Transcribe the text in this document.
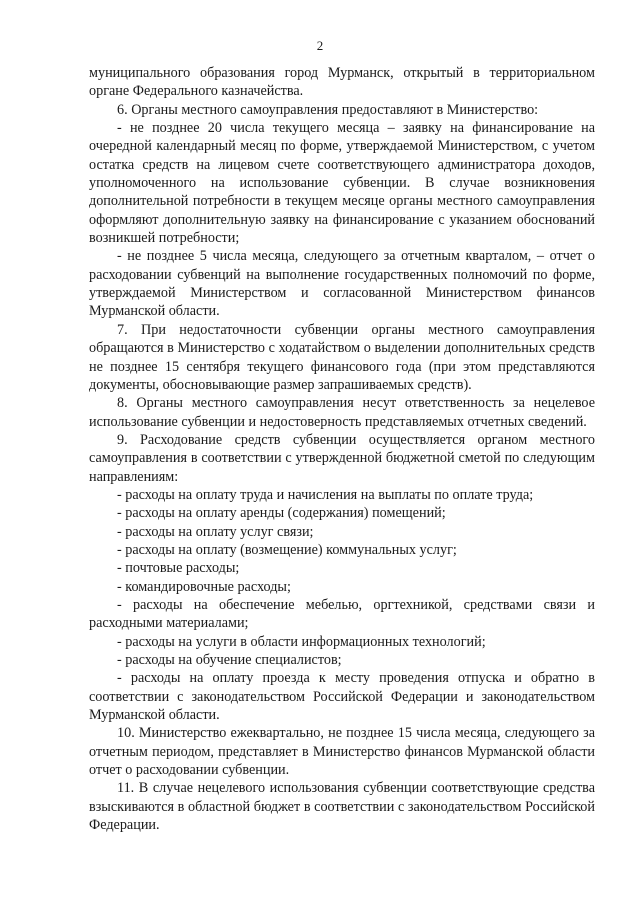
2

муниципального образования город Мурманск, открытый в территориальном органе Федерального казначейства.

6. Органы местного самоуправления предоставляют в Министерство:

- не позднее 20 числа текущего месяца – заявку на финансирование на очередной календарный месяц по форме, утверждаемой Министерством, с учетом остатка средств на лицевом счете соответствующего администратора доходов, уполномоченного на использование субвенции. В случае возникновения дополнительной потребности в текущем месяце органы местного самоуправления оформляют дополнительную заявку на финансирование с указанием обоснований возникшей потребности;

- не позднее 5 числа месяца, следующего за отчетным кварталом, – отчет о расходовании субвенций на выполнение государственных полномочий по форме, утверждаемой Министерством и согласованной Министерством финансов Мурманской области.

7. При недостаточности субвенции органы местного самоуправления обращаются в Министерство с ходатайством о выделении дополнительных средств не позднее 15 сентября текущего финансового года (при этом представляются документы, обосновывающие размер запрашиваемых средств).

8. Органы местного самоуправления несут ответственность за нецелевое использование субвенции и недостоверность представляемых отчетных сведений.

9. Расходование средств субвенции осуществляется органом местного самоуправления в соответствии с утвержденной бюджетной сметой по следующим направлениям:

- расходы на оплату труда и начисления на выплаты по оплате труда;

- расходы на оплату аренды (содержания) помещений;

- расходы на оплату услуг связи;

- расходы на оплату (возмещение) коммунальных услуг;

- почтовые расходы;

- командировочные расходы;

- расходы на обеспечение мебелью, оргтехникой, средствами связи и расходными материалами;

- расходы на услуги в области информационных технологий;

- расходы на обучение специалистов;

- расходы на оплату проезда к месту проведения отпуска и обратно в соответствии с законодательством Российской Федерации и законодательством Мурманской области.

10. Министерство ежеквартально, не позднее 15 числа месяца, следующего за отчетным периодом, представляет в Министерство финансов Мурманской области отчет о расходовании субвенции.

11. В случае нецелевого использования субвенции соответствующие средства взыскиваются в областной бюджет в соответствии с законодательством Российской Федерации.
